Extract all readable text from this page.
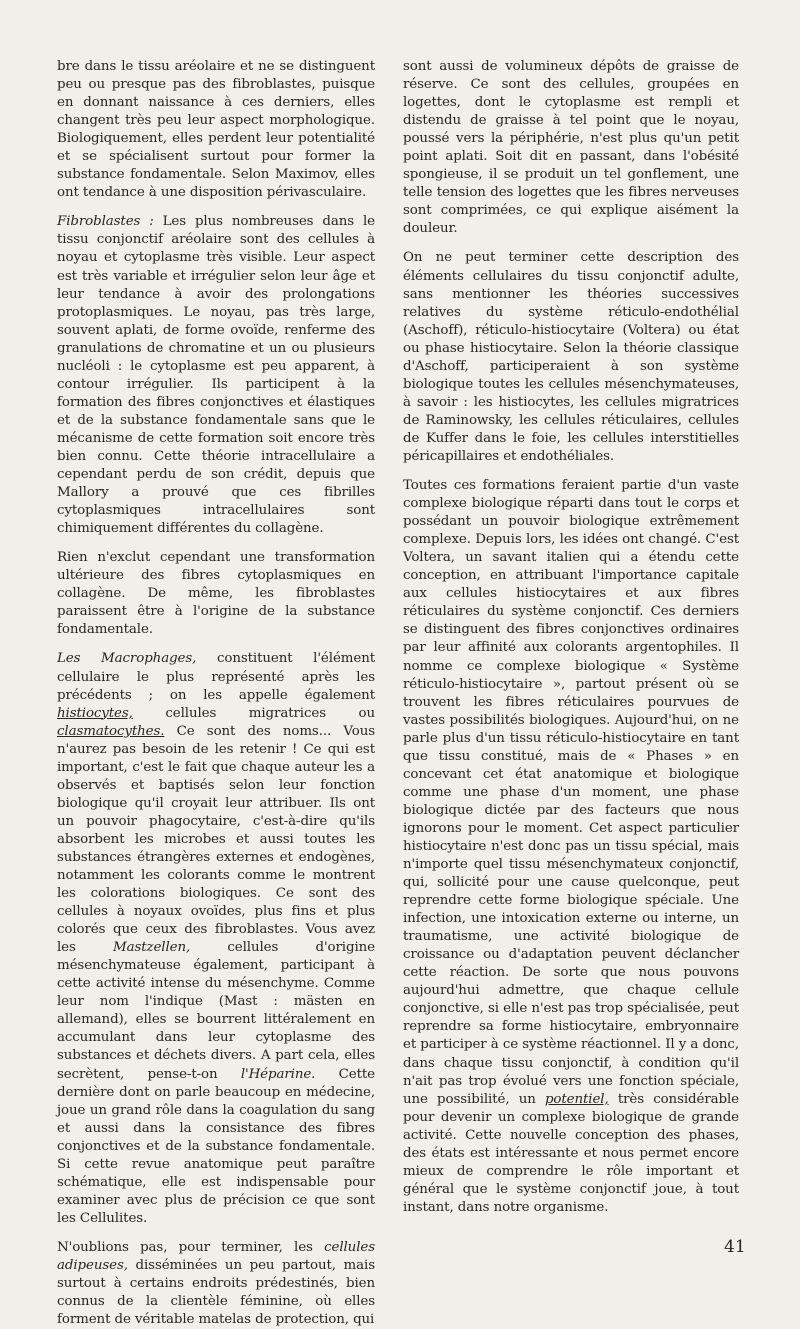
bre dans le tissu aréolaire et ne se distinguent peu ou presque pas des fibroblastes, puisque en donnant naissance à ces derniers, elles changent très peu leur aspect morphologique. Biologiquement, elles perdent leur potentialité et se spécialisent surtout pour former la substance fondamentale. Selon Maximov, elles ont tendance à une disposition périvasculaire.

Fibroblastes : Les plus nombreuses dans le tissu conjonctif aréolaire sont des cellules à noyau et cytoplasme très visible. Leur aspect est très variable et irrégulier selon leur âge et leur tendance à avoir des prolongations protoplasmiques. Le noyau, pas très large, souvent aplati, de forme ovoïde, renferme des granulations de chromatine et un ou plusieurs nucléoli : le cytoplasme est peu apparent, à contour irrégulier. Ils participent à la formation des fibres conjonctives et élastiques et de la substance fondamentale sans que le mécanisme de cette formation soit encore très bien connu. Cette théorie intracellulaire a cependant perdu de son crédit, depuis que Mallory a prouvé que ces fibrilles cytoplasmiques intracellulaires sont chimiquement différentes du collagène.

Rien n'exclut cependant une transformation ultérieure des fibres cytoplasmiques en collagène. De même, les fibroblastes paraissent être à l'origine de la substance fondamentale.

Les Macrophages, constituent l'élément cellulaire le plus représenté après les précédents ; on les appelle également histiocytes, cellules migratrices ou clasmatocythes. Ce sont des noms... Vous n'aurez pas besoin de les retenir ! Ce qui est important, c'est le fait que chaque auteur les a observés et baptisés selon leur fonction biologique qu'il croyait leur attribuer. Ils ont un pouvoir phagocytaire, c'est-à-dire qu'ils absorbent les microbes et aussi toutes les substances étrangères externes et endogènes, notamment les colorants comme le montrent les colorations biologiques. Ce sont des cellules à noyaux ovoïdes, plus fins et plus colorés que ceux des fibroblastes. Vous avez les Mastzellen, cellules d'origine mésenchymateuse également, participant à cette activité intense du mésenchyme. Comme leur nom l'indique (Mast : mästen en allemand), elles se bourrent littéralement en accumulant dans leur cytoplasme des substances et déchets divers. A part cela, elles secrètent, pense-t-on l'Héparine. Cette dernière dont on parle beaucoup en médecine, joue un grand rôle dans la coagulation du sang et aussi dans la consistance des fibres conjonctives et de la substance fondamentale. Si cette revue anatomique peut paraître schématique, elle est indispensable pour examiner avec plus de précision ce que sont les Cellulites.

N'oublions pas, pour terminer, les cellules adipeuses, disséminées un peu partout, mais surtout à certains endroits prédestinés, bien connus de la clientèle féminine, où elles forment de véritable matelas de protection, qui

sont aussi de volumineux dépôts de graisse de réserve. Ce sont des cellules, groupées en logettes, dont le cytoplasme est rempli et distendu de graisse à tel point que le noyau, poussé vers la périphérie, n'est plus qu'un petit point aplati. Soit dit en passant, dans l'obésité spongieuse, il se produit un tel gonflement, une telle tension des logettes que les fibres nerveuses sont comprimées, ce qui explique aisément la douleur.

On ne peut terminer cette description des éléments cellulaires du tissu conjonctif adulte, sans mentionner les théories successives relatives du système réticulo-endothélial (Aschoff), réticulo-histiocytaire (Voltera) ou état ou phase histiocytaire. Selon la théorie classique d'Aschoff, participeraient à son système biologique toutes les cellules mésenchymateuses, à savoir : les histiocytes, les cellules migratrices de Raminowsky, les cellules réticulaires, cellules de Kuffer dans le foie, les cellules interstitielles péricapillaires et endothéliales.

Toutes ces formations feraient partie d'un vaste complexe biologique réparti dans tout le corps et possédant un pouvoir biologique extrêmement complexe. Depuis lors, les idées ont changé. C'est Voltera, un savant italien qui a étendu cette conception, en attribuant l'importance capitale aux cellules histiocytaires et aux fibres réticulaires du système conjonctif. Ces derniers se distinguent des fibres conjonctives ordinaires par leur affinité aux colorants argentophiles. Il nomme ce complexe biologique « Système réticulo-histiocytaire », partout présent où se trouvent les fibres réticulaires pourvues de vastes possibilités biologiques. Aujourd'hui, on ne parle plus d'un tissu réticulo-histiocytaire en tant que tissu constitué, mais de « Phases » en concevant cet état anatomique et biologique comme une phase d'un moment, une phase biologique dictée par des facteurs que nous ignorons pour le moment. Cet aspect particulier histiocytaire n'est donc pas un tissu spécial, mais n'importe quel tissu mésenchymateux conjonctif, qui, sollicité pour une cause quelconque, peut reprendre cette forme biologique spéciale. Une infection, une intoxication externe ou interne, un traumatisme, une activité biologique de croissance ou d'adaptation peuvent déclancher cette réaction. De sorte que nous pouvons aujourd'hui admettre, que chaque cellule conjonctive, si elle n'est pas trop spécialisée, peut reprendre sa forme histiocytaire, embryonnaire et participer à ce système réactionnel. Il y a donc, dans chaque tissu conjonctif, à condition qu'il n'ait pas trop évolué vers une fonction spéciale, une possibilité, un potentiel, très considérable pour devenir un complexe biologique de grande activité. Cette nouvelle conception des phases, des états est intéressante et nous permet encore mieux de comprendre le rôle important et général que le système conjonctif joue, à tout instant, dans notre organisme.

41
